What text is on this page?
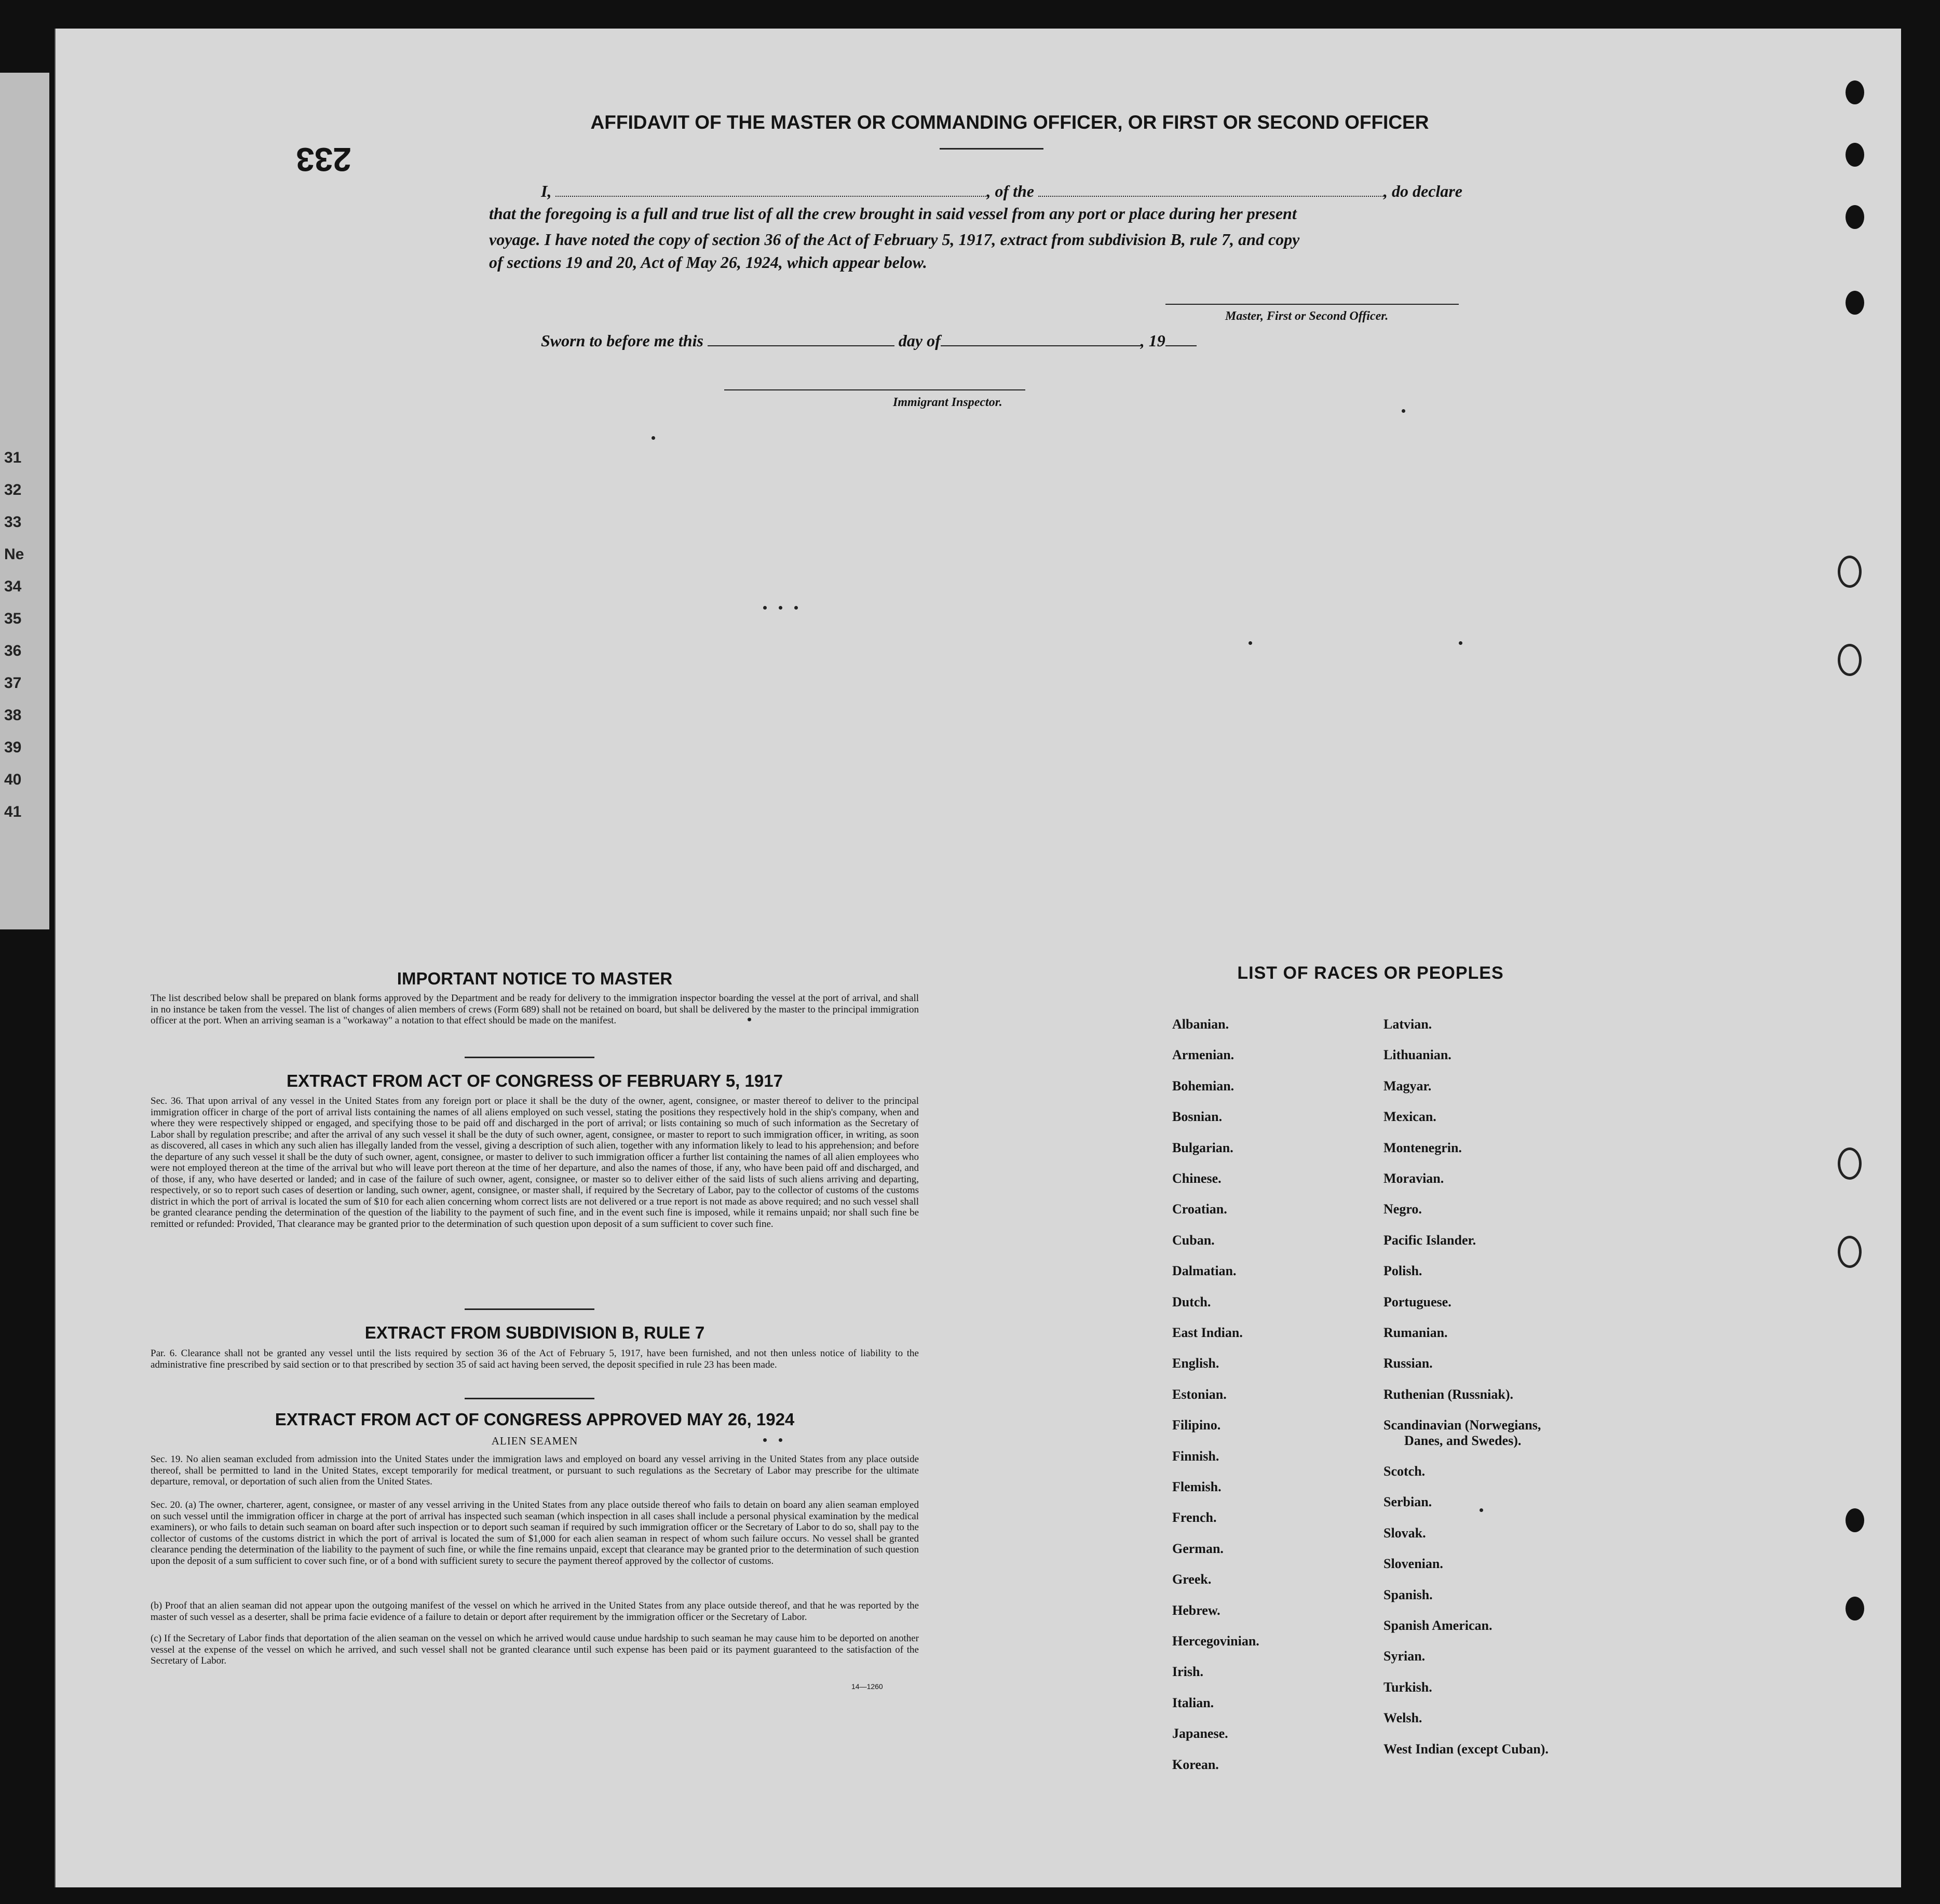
31
32
33
Ne
34
35
36
37
38
39
40
41
233
AFFIDAVIT OF THE MASTER OR COMMANDING OFFICER, OR FIRST OR SECOND OFFICER
I,	, of the	, do declare
that the foregoing is a full and true list of all the crew brought in said vessel from any port or place during her present
voyage. I have noted the copy of section 36 of the Act of February 5, 1917, extract from subdivision B, rule 7, and copy
of sections 19 and 20, Act of May 26, 1924, which appear below.
Master, First or Second Officer.
Sworn to before me this	day of	, 19
Immigrant Inspector.
IMPORTANT NOTICE TO MASTER
The list described below shall be prepared on blank forms approved by the Department and be ready for delivery to the immigration inspector boarding the vessel at the port of arrival, and shall in no instance be taken from the vessel. The list of changes of alien members of crews (Form 689) shall not be retained on board, but shall be delivered by the master to the principal immigration officer at the port. When an arriving seaman is a "workaway" a notation to that effect should be made on the manifest.
EXTRACT FROM ACT OF CONGRESS OF FEBRUARY 5, 1917
Sec. 36. That upon arrival of any vessel in the United States from any foreign port or place it shall be the duty of the owner, agent, consignee, or master thereof to deliver to the principal immigration officer in charge of the port of arrival lists containing the names of all aliens employed on such vessel, stating the positions they respectively hold in the ship's company, when and where they were respectively shipped or engaged, and specifying those to be paid off and discharged in the port of arrival; or lists containing so much of such information as the Secretary of Labor shall by regulation prescribe; and after the arrival of any such vessel it shall be the duty of such owner, agent, consignee, or master to report to such immigration officer, in writing, as soon as discovered, all cases in which any such alien has illegally landed from the vessel, giving a description of such alien, together with any information likely to lead to his apprehension; and before the departure of any such vessel it shall be the duty of such owner, agent, consignee, or master to deliver to such immigration officer a further list containing the names of all alien employees who were not employed thereon at the time of the arrival but who will leave port thereon at the time of her departure, and also the names of those, if any, who have been paid off and discharged, and of those, if any, who have deserted or landed; and in case of the failure of such owner, agent, consignee, or master so to deliver either of the said lists of such aliens arriving and departing, respectively, or so to report such cases of desertion or landing, such owner, agent, consignee, or master shall, if required by the Secretary of Labor, pay to the collector of customs of the customs district in which the port of arrival is located the sum of $10 for each alien concerning whom correct lists are not delivered or a true report is not made as above required; and no such vessel shall be granted clearance pending the determination of the question of the liability to the payment of such fine, and in the event such fine is imposed, while it remains unpaid; nor shall such fine be remitted or refunded: Provided, That clearance may be granted prior to the determination of such question upon deposit of a sum sufficient to cover such fine.
EXTRACT FROM SUBDIVISION B, RULE 7
Par. 6. Clearance shall not be granted any vessel until the lists required by section 36 of the Act of February 5, 1917, have been furnished, and not then unless notice of liability to the administrative fine prescribed by said section or to that prescribed by section 35 of said act having been served, the deposit specified in rule 23 has been made.
EXTRACT FROM ACT OF CONGRESS APPROVED MAY 26, 1924
ALIEN SEAMEN
Sec. 19. No alien seaman excluded from admission into the United States under the immigration laws and employed on board any vessel arriving in the United States from any place outside thereof, shall be permitted to land in the United States, except temporarily for medical treatment, or pursuant to such regulations as the Secretary of Labor may prescribe for the ultimate departure, removal, or deportation of such alien from the United States.
Sec. 20. (a) The owner, charterer, agent, consignee, or master of any vessel arriving in the United States from any place outside thereof who fails to detain on board any alien seaman employed on such vessel until the immigration officer in charge at the port of arrival has inspected such seaman (which inspection in all cases shall include a personal physical examination by the medical examiners), or who fails to detain such seaman on board after such inspection or to deport such seaman if required by such immigration officer or the Secretary of Labor to do so, shall pay to the collector of customs of the customs district in which the port of arrival is located the sum of $1,000 for each alien seaman in respect of whom such failure occurs. No vessel shall be granted clearance pending the determination of the liability to the payment of such fine, or while the fine remains unpaid, except that clearance may be granted prior to the determination of such question upon the deposit of a sum sufficient to cover such fine, or of a bond with sufficient surety to secure the payment thereof approved by the collector of customs.
(b) Proof that an alien seaman did not appear upon the outgoing manifest of the vessel on which he arrived in the United States from any place outside thereof, and that he was reported by the master of such vessel as a deserter, shall be prima facie evidence of a failure to detain or deport after requirement by the immigration officer or the Secretary of Labor.
(c) If the Secretary of Labor finds that deportation of the alien seaman on the vessel on which he arrived would cause undue hardship to such seaman he may cause him to be deported on another vessel at the expense of the vessel on which he arrived, and such vessel shall not be granted clearance until such expense has been paid or its payment guaranteed to the satisfaction of the Secretary of Labor.
14—1260
LIST OF RACES OR PEOPLES
Albanian.
Armenian.
Bohemian.
Bosnian.
Bulgarian.
Chinese.
Croatian.
Cuban.
Dalmatian.
Dutch.
East Indian.
English.
Estonian.
Filipino.
Finnish.
Flemish.
French.
German.
Greek.
Hebrew.
Hercegovinian.
Irish.
Italian.
Japanese.
Korean.
Latvian.
Lithuanian.
Magyar.
Mexican.
Montenegrin.
Moravian.
Negro.
Pacific Islander.
Polish.
Portuguese.
Rumanian.
Russian.
Ruthenian (Russniak).
Scandinavian (Norwegians,
Danes, and Swedes).
Scotch.
Serbian.
Slovak.
Slovenian.
Spanish.
Spanish American.
Syrian.
Turkish.
Welsh.
West Indian (except Cuban).
